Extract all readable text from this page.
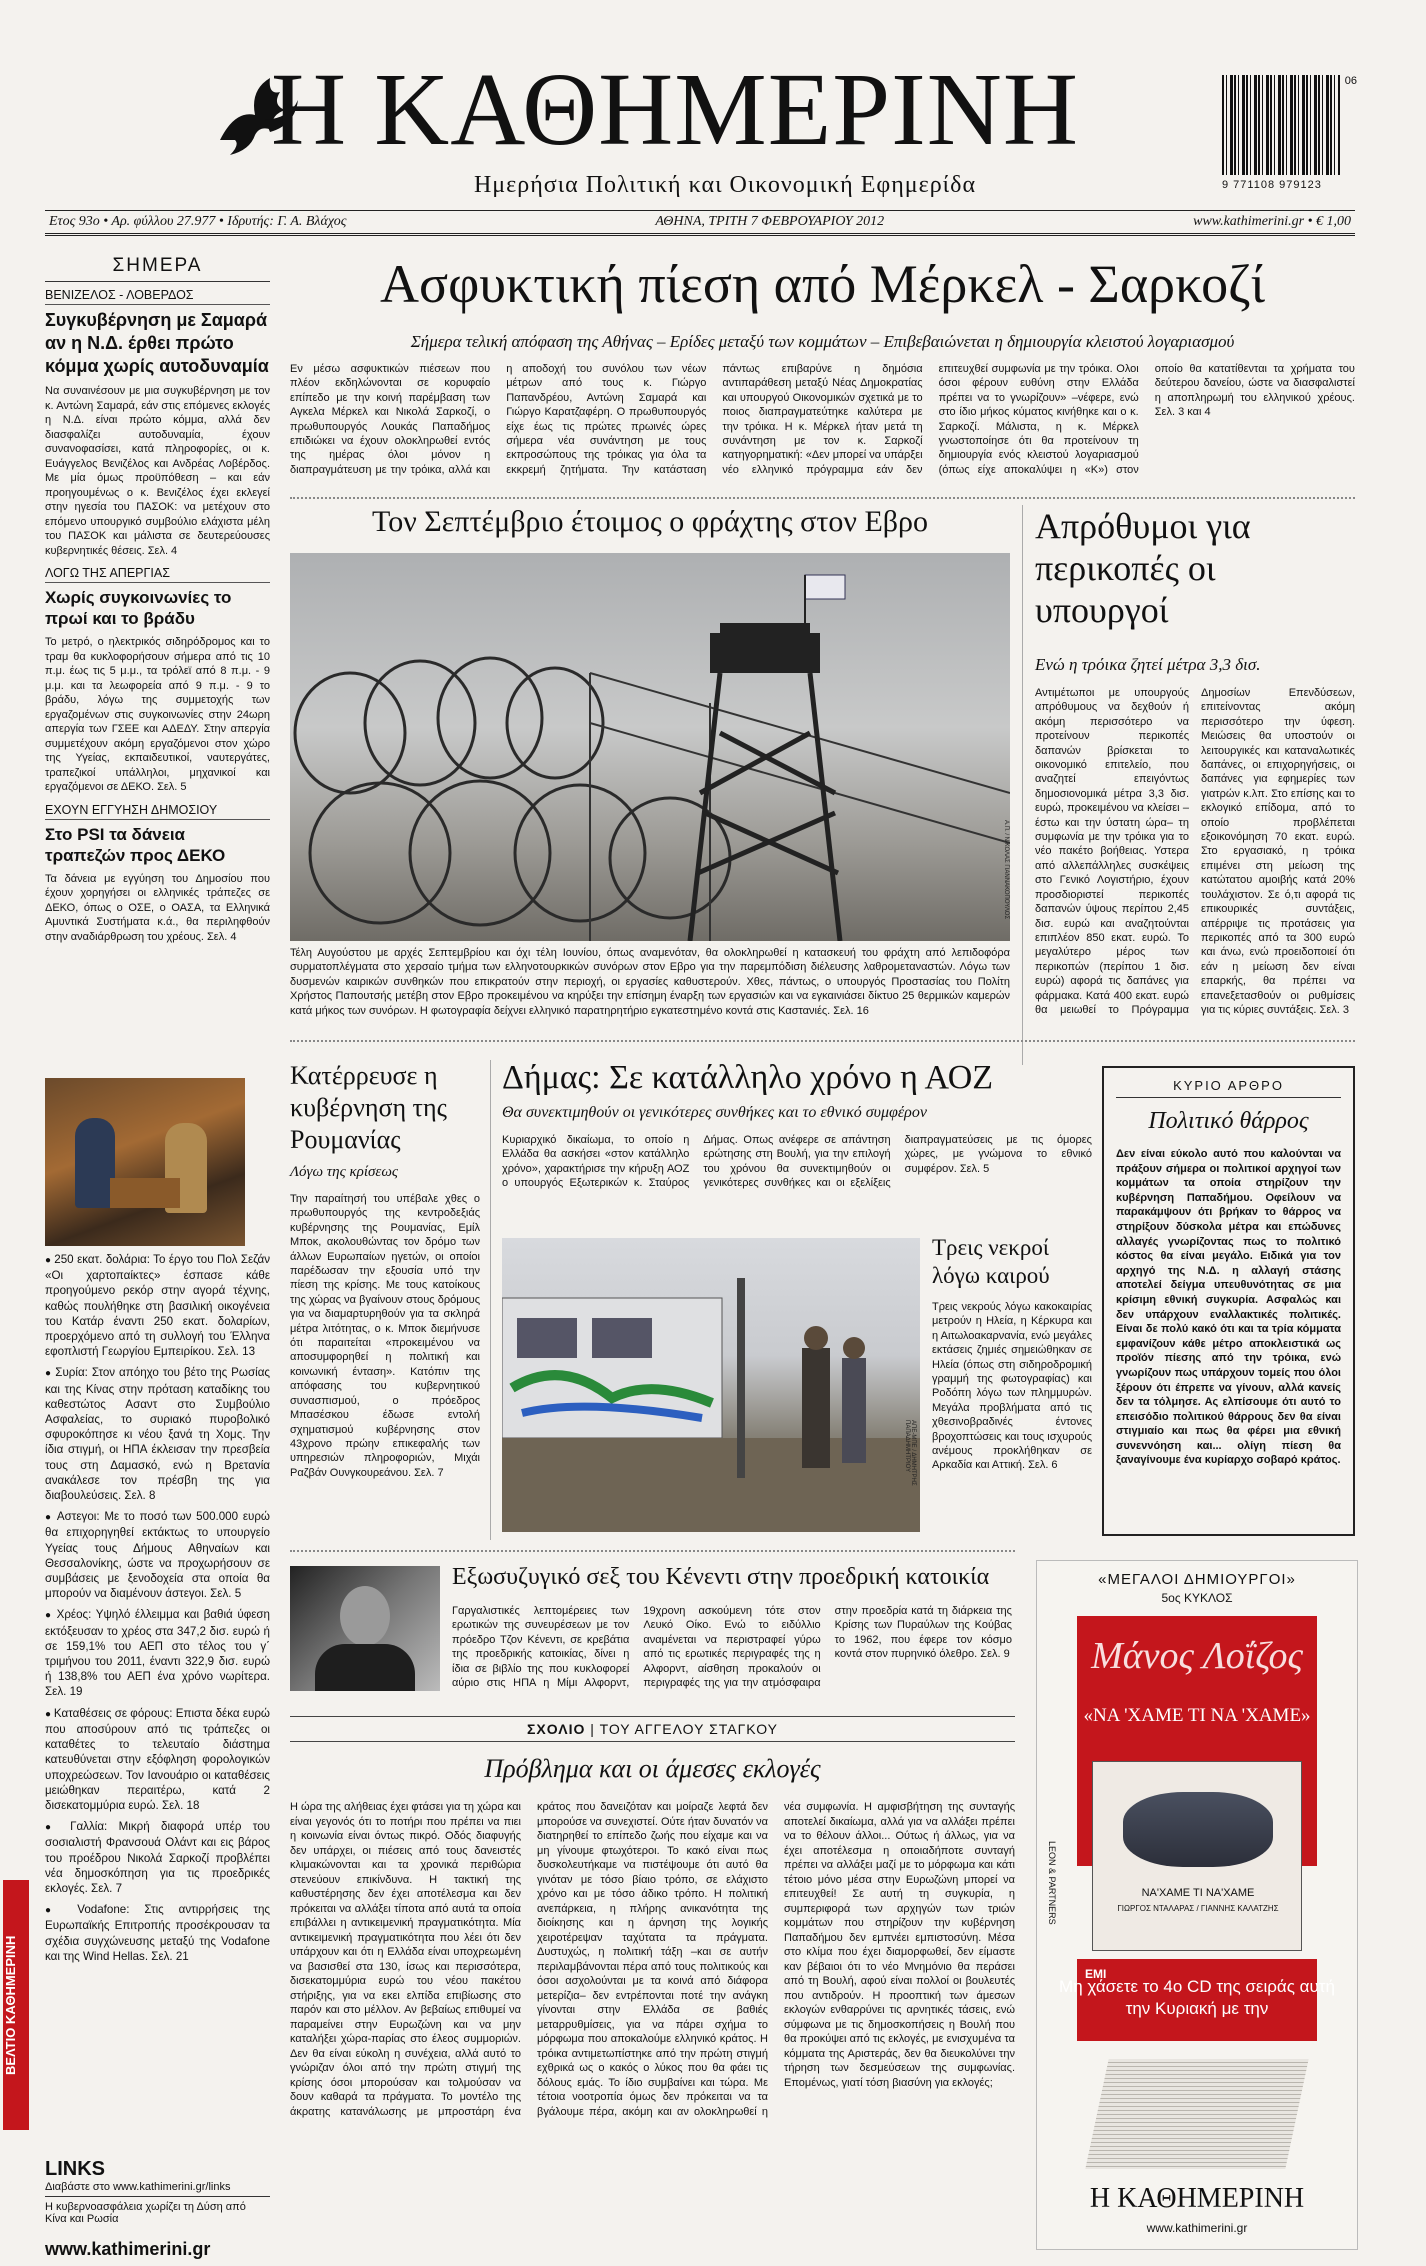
Η ΚΑΘΗΜΕΡΙΝΗ
Ημερήσια Πολιτική και Οικονομική Εφημερίδα
06
9 771108 979123
Ετος 93ο • Αρ. φύλλου 27.977 • Ιδρυτής: Γ. Α. Βλάχος	ΑΘΗΝΑ, ΤΡΙΤΗ 7 ΦΕΒΡΟΥΑΡΙΟΥ 2012	www.kathimerini.gr • € 1,00
ΣΗΜΕΡΑ
ΒΕΝΙΖΕΛΟΣ - ΛΟΒΕΡΔΟΣ
Συγκυβέρνηση με Σαμαρά αν η Ν.Δ. έρθει πρώτο κόμμα χωρίς αυτοδυναμία
Να συναινέσουν με μια συγκυβέρνηση με τον κ. Αντώνη Σαμαρά, εάν στις επόμενες εκλογές η Ν.Δ. είναι πρώτο κόμμα, αλλά δεν διασφαλίζει αυτοδυναμία, έχουν συνανοφασίσει, κατά πληροφορίες, οι κ. Ευάγγελος Βενιζέλος και Ανδρέας Λοβέρδος. Με μία όμως προϋπόθεση – και εάν προηγουμένως ο κ. Βενιζέλος έχει εκλεγεί στην ηγεσία του ΠΑΣΟΚ: να μετέχουν στο επόμενο υπουργικό συμβούλιο ελάχιστα μέλη του ΠΑΣΟΚ και μάλιστα σε δευτερεύουσες κυβερνητικές θέσεις. Σελ. 4
ΛΟΓΩ ΤΗΣ ΑΠΕΡΓΙΑΣ
Χωρίς συγκοινωνίες το πρωί και το βράδυ
Το μετρό, ο ηλεκτρικός σιδηρόδρομος και το τραμ θα κυκλοφορήσουν σήμερα από τις 10 π.μ. έως τις 5 μ.μ., τα τρόλεϊ από 8 π.μ. - 9 μ.μ. και τα λεωφορεία από 9 π.μ. - 9 το βράδυ, λόγω της συμμετοχής των εργαζομένων στις συγκοινωνίες στην 24ωρη απεργία των ΓΣΕΕ και ΑΔΕΔΥ. Στην απεργία συμμετέχουν ακόμη εργαζόμενοι στον χώρο της Υγείας, εκπαιδευτικοί, ναυτεργάτες, τραπεζικοί υπάλληλοι, μηχανικοί και εργαζόμενοι σε ΔΕΚΟ. Σελ. 5
ΕΧΟΥΝ ΕΓΓΥΗΣΗ ΔΗΜΟΣΙΟΥ
Στο PSI τα δάνεια τραπεζών προς ΔΕΚΟ
Τα δάνεια με εγγύηση του Δημοσίου που έχουν χορηγήσει οι ελληνικές τράπεζες σε ΔΕΚΟ, όπως ο ΟΣΕ, ο ΟΑΣΑ, τα Ελληνικά Αμυντικά Συστήματα κ.ά., θα περιληφθούν στην αναδιάρθρωση του χρέους. Σελ. 4
● 250 εκατ. δολάρια: Το έργο του Πολ Σεζάν «Οι χαρτοπαίκτες» έσπασε κάθε προηγούμενο ρεκόρ στην αγορά τέχνης, καθώς πουλήθηκε στη βασιλική οικογένεια του Κατάρ έναντι 250 εκατ. δολαρίων, προερχόμενο από τη συλλογή του Έλληνα εφοπλιστή Γεωργίου Εμπειρίκου. Σελ. 13
● Συρία: Στον απόηχο του βέτο της Ρωσίας και της Κίνας στην πρόταση καταδίκης του καθεστώτος Ασαντ στο Συμβούλιο Ασφαλείας, το συριακό πυροβολικό σφυροκόπησε κι νέου ξανά τη Χομς. Την ίδια στιγμή, οι ΗΠΑ έκλεισαν την πρεσβεία τους στη Δαμασκό, ενώ η Βρετανία ανακάλεσε τον πρέσβη της για διαβουλεύσεις. Σελ. 8
● Αστεγοι: Με το ποσό των 500.000 ευρώ θα επιχορηγηθεί εκτάκτως το υπουργείο Υγείας τους Δήμους Αθηναίων και Θεσσαλονίκης, ώστε να προχωρήσουν σε συμβάσεις με ξενοδοχεία στα οποία θα μπορούν να διαμένουν άστεγοι. Σελ. 5
● Χρέος: Υψηλό έλλειμμα και βαθιά ύφεση εκτόξευσαν το χρέος στα 347,2 δισ. ευρώ ή σε 159,1% του ΑΕΠ στο τέλος του γ΄ τριμήνου του 2011, έναντι 322,9 δισ. ευρώ ή 138,8% του ΑΕΠ ένα χρόνο νωρίτερα. Σελ. 19
● Καταθέσεις σε φόρους: Επιστα δέκα ευρώ που αποσύρουν από τις τράπεζες οι καταθέτες το τελευταίο διάστημα κατευθύνεται στην εξόφληση φορολογικών υποχρεώσεων. Τον Ιανουάριο οι καταθέσεις μειώθηκαν περαιτέρω, κατά 2 δισεκατομμύρια ευρώ. Σελ. 18
● Γαλλία: Μικρή διαφορά υπέρ του σοσιαλιστή Φρανσουά Ολάντ και εις βάρος του προέδρου Νικολά Σαρκοζί προβλέπει νέα δημοσκόπηση για τις προεδρικές εκλογές. Σελ. 7
● Vodafone: Στις αντιρρήσεις της Ευρωπαϊκής Επιτροπής προσέκρουσαν τα σχέδια συγχώνευσης μεταξύ της Vodafone και της Wind Hellas. Σελ. 21
LINKS
Διαβάστε στο www.kathimerini.gr/links
Η κυβερνοασφάλεια χωρίζει τη Δύση από Κίνα και Ρωσία
www.kathimerini.gr
ΒΕΛΤΙΟ ΚΑΘΗΜΕΡΙΝΗ
Ασφυκτική πίεση από Μέρκελ - Σαρκοζί
Σήμερα τελική απόφαση της Αθήνας – Ερίδες μεταξύ των κομμάτων – Επιβεβαιώνεται η δημιουργία κλειστού λογαριασμού
Εν μέσω ασφυκτικών πιέσεων που πλέον εκδηλώνονται σε κορυφαίο επίπεδο με την κοινή παρέμβαση των Αγκελα Μέρκελ και Νικολά Σαρκοζί, ο πρωθυπουργός Λουκάς Παπαδήμος επιδιώκει να έχουν ολοκληρωθεί εντός της ημέρας όλοι μόνον η διαπραγμάτευση με την τρόικα, αλλά και η αποδοχή του συνόλου των νέων μέτρων από τους κ. Γιώργο Παπανδρέου, Αντώνη Σαμαρά και Γιώργο Καρατζαφέρη. Ο πρωθυπουργός είχε έως τις πρώτες πρωινές ώρες σήμερα νέα συνάντηση με τους εκπροσώπους της τρόικας για όλα τα εκκρεμή ζητήματα. Την κατάσταση πάντως επιβαρύνε η δημόσια αντιπαράθεση μεταξύ Νέας Δημοκρατίας και υπουργού Οικονομικών σχετικά με το ποιος διαπραγματεύτηκε καλύτερα με την τρόικα. Η κ. Μέρκελ ήταν μετά τη συνάντηση με τον κ. Σαρκοζί κατηγορηματική: «Δεν μπορεί να υπάρξει νέο ελληνικό πρόγραμμα εάν δεν επιτευχθεί συμφωνία με την τρόικα. Ολοι όσοι φέρουν ευθύνη στην Ελλάδα πρέπει να το γνωρίζουν» –νέφερε, ενώ στο ίδιο μήκος κύματος κινήθηκε και ο κ. Σαρκοζί. Μάλιστα, η κ. Μέρκελ γνωστοποίησε ότι θα προτείνουν τη δημιουργία ενός κλειστού λογαριασμού (όπως είχε αποκαλύψει η «Κ») στον οποίο θα κατατίθενται τα χρήματα του δεύτερου δανείου, ώστε να διασφαλιστεί η αποπληρωμή του ελληνικού χρέους. Σελ. 3 και 4
Τον Σεπτέμβριο έτοιμος ο φράχτης στον Εβρο
Α.Π. / ΝΙΚΟΛΑΣ ΓΙΑΝΝΑΚΟΠΟΥΛΟΣ
Τέλη Αυγούστου με αρχές Σεπτεμβρίου και όχι τέλη Ιουνίου, όπως αναμενόταν, θα ολοκληρωθεί η κατασκευή του φράχτη από λεπιδοφόρα συρματοπλέγματα στο χερσαίο τμήμα των ελληνοτουρκικών συνόρων στον Εβρο για την παρεμπόδιση διέλευσης λαθρομεταναστών. Λόγω των δυσμενών καιρικών συνθηκών που επικρατούν στην περιοχή, οι εργασίες καθυστερούν. Χθες, πάντως, ο υπουργός Προστασίας του Πολίτη Χρήστος Παπουτσής μετέβη στον Εβρο προκειμένου να κηρύξει την επίσημη έναρξη των εργασιών και να εγκαινιάσει δίκτυο 25 θερμικών καμερών κατά μήκος των συνόρων. Η φωτογραφία δείχνει ελληνικό παρατηρητήριο εγκατεστημένο κοντά στις Καστανιές. Σελ. 16
Απρόθυμοι για περικοπές οι υπουργοί
Ενώ η τρόικα ζητεί μέτρα 3,3 δισ.
Αντιμέτωποι με υπουργούς απρόθυμους να δεχθούν ή ακόμη περισσότερο να προτείνουν περικοπές δαπανών βρίσκεται το οικονομικό επιτελείο, που αναζητεί επειγόντως δημοσιονομικά μέτρα 3,3 δισ. ευρώ, προκειμένου να κλείσει –έστω και την ύστατη ώρα– τη συμφωνία με την τρόικα για το νέο πακέτο βοήθειας. Υστερα από αλλεπάλληλες συσκέψεις στο Γενικό Λογιστήριο, έχουν προσδιοριστεί περικοπές δαπανών ύψους περίπου 2,45 δισ. ευρώ και αναζητούνται επιπλέον 850 εκατ. ευρώ. Το μεγαλύτερο μέρος των περικοπών (περίπου 1 δισ. ευρώ) αφορά τις δαπάνες για φάρμακα. Κατά 400 εκατ. ευρώ θα μειωθεί το Πρόγραμμα Δημοσίων Επενδύσεων, επιτείνοντας ακόμη περισσότερο την ύφεση. Μειώσεις θα υποστούν οι λειτουργικές και καταναλωτικές δαπάνες, οι επιχορηγήσεις, οι δαπάνες για εφημερίες των γιατρών κ.λπ. Στο επίσης και το εκλογικό επίδομα, από το οποίο προβλέπεται εξοικονόμηση 70 εκατ. ευρώ. Στο εργασιακό, η τρόικα επιμένει στη μείωση της κατώτατου αμοιβής κατά 20% τουλάχιστον. Σε ό,τι αφορά τις επικουρικές συντάξεις, απέρριψε τις προτάσεις για περικοπές από τα 300 ευρώ και άνω, ενώ προειδοποιεί ότι εάν η μείωση δεν είναι επαρκής, θα πρέπει να επανεξετασθούν οι ρυθμίσεις για τις κύριες συντάξεις. Σελ. 3
Κατέρρευσε η κυβέρνηση της Ρουμανίας
Λόγω της κρίσεως
Την παραίτησή του υπέβαλε χθες ο πρωθυπουργός της κεντροδεξιάς κυβέρνησης της Ρουμανίας, Εμίλ Μποκ, ακολουθώντας τον δρόμο των άλλων Ευρωπαίων ηγετών, οι οποίοι παρέδωσαν την εξουσία υπό την πίεση της κρίσης. Με τους κατοίκους της χώρας να βγαίνουν στους δρόμους για να διαμαρτυρηθούν για τα σκληρά μέτρα λιτότητας, ο κ. Μποκ διεμήνυσε ότι παραιτείται «προκειμένου να αποσυμφορηθεί η πολιτική και κοινωνική ένταση». Κατόπιν της απόφασης του κυβερνητικού συνασπισμού, ο πρόεδρος Μπασέσκου έδωσε εντολή σχηματισμού κυβέρνησης στον 43χρονο πρώην επικεφαλής των υπηρεσιών πληροφοριών, Μιχάι Ραζβάν Ουνγκουρεάνου. Σελ. 7
Δήμας: Σε κατάλληλο χρόνο η ΑΟΖ
Θα συνεκτιμηθούν οι γενικότερες συνθήκες και το εθνικό συμφέρον
Κυριαρχικό δικαίωμα, το οποίο η Ελλάδα θα ασκήσει «στον κατάλληλο χρόνο», χαρακτήρισε την κήρυξη ΑΟΖ ο υπουργός Εξωτερικών κ. Σταύρος Δήμας. Οπως ανέφερε σε απάντηση ερώτησης στη Βουλή, για την επιλογή του χρόνου θα συνεκτιμηθούν οι γενικότερες συνθήκες και οι εξελίξεις διαπραγματεύσεις με τις όμορες χώρες, με γνώμονα το εθνικό συμφέρον. Σελ. 5
ΑΠΕ-ΜΠΕ / ΔΗΜΗΤΡΗΣ ΠΑΠΑΔΗΜΗΤΡΙΟΥ
Τρεις νεκροί λόγω καιρού
Τρεις νεκρούς λόγω κακοκαιρίας μετρούν η Ηλεία, η Κέρκυρα και η Αιτωλοακαρνανία, ενώ μεγάλες εκτάσεις ζημιές σημειώθηκαν σε Ηλεία (όπως στη σιδηροδρομική γραμμή της φωτογραφίας) και Ροδόπη λόγω των πλημμυρών. Μεγάλα προβλήματα από τις χθεσινοβραδινές έντονες βροχοπτώσεις και τους ισχυρούς ανέμους προκλήθηκαν σε Αρκαδία και Αττική. Σελ. 6
ΚΥΡΙΟ ΑΡΘΡΟ
Πολιτικό θάρρος
Δεν είναι εύκολο αυτό που καλούνται να πράξουν σήμερα οι πολιτικοί αρχηγοί των κομμάτων τα οποία στηρίζουν την κυβέρνηση Παπαδήμου. Οφείλουν να παρακάμψουν ότι βρήκαν το θάρρος να στηρίξουν δύσκολα μέτρα και επώδυνες αλλαγές γνωρίζοντας πως το πολιτικό κόστος θα είναι μεγάλο. Ειδικά για τον αρχηγό της Ν.Δ. η αλλαγή στάσης αποτελεί δείγμα υπευθυνότητας σε μια κρίσιμη εθνική συγκυρία. Ασφαλώς και δεν υπάρχουν εναλλακτικές πολιτικές. Είναι δε πολύ κακό ότι και τα τρία κόμματα εμφανίζουν κάθε μέτρο αποκλειστικά ως προϊόν πίεσης από την τρόικα, ενώ γνωρίζουν πως υπάρχουν τομείς που όλοι ξέρουν ότι έπρεπε να γίνουν, αλλά κανείς δεν τα τόλμησε. Ας ελπίσουμε ότι αυτό το επεισόδιο πολιτικού θάρρους δεν θα είναι στιγμιαίο και πως θα φέρει μια εθνική συνεννόηση και... ολίγη πίεση θα ξαναγίνουμε ένα κυρίαρχο σοβαρό κράτος.
Εξωσυζυγικό σεξ του Κένεντι στην προεδρική κατοικία
Γαργαλιστικές λεπτομέρειες των ερωτικών της συνευρέσεων με τον πρόεδρο Τζον Κένεντι, σε κρεβάτια της προεδρικής κατοικίας, δίνει η ίδια σε βιβλίο της που κυκλοφορεί αύριο στις ΗΠΑ η Μίμι Αλφορντ, 19χρονη ασκούμενη τότε στον Λευκό Οίκο. Ενώ το ειδύλλιο αναμένεται να περιστραφεί γύρω από τις ερωτικές περιγραφές της η Αλφορντ, αίσθηση προκαλούν οι περιγραφές της για την ατμόσφαιρα στην προεδρία κατά τη διάρκεια της Κρίσης των Πυραύλων της Κούβας το 1962, που έφερε τον κόσμο κοντά στον πυρηνικό όλεθρο. Σελ. 9
ΣΧΟΛΙΟ | ΤΟΥ ΑΓΓΕΛΟΥ ΣΤΑΓΚΟΥ
Πρόβλημα και οι άμεσες εκλογές
Η ώρα της αλήθειας έχει φτάσει για τη χώρα και είναι γεγονός ότι το ποτήρι που πρέπει να πιει η κοινωνία είναι όντως πικρό. Οδός διαφυγής δεν υπάρχει, οι πιέσεις από τους δανειστές κλιμακώνονται και τα χρονικά περιθώρια στενεύουν επικίνδυνα. Η τακτική της καθυστέρησης δεν έχει αποτέλεσμα και δεν πρόκειται να αλλάξει τίποτα από αυτά τα οποία επιβάλλει η αντικειμενική πραγματικότητα. Μία αντικειμενική πραγματικότητα που λέει ότι δεν υπάρχουν και ότι η Ελλάδα είναι υποχρεωμένη να βασισθεί στα 130, ίσως και περισσότερα, δισεκατομμύρια ευρώ του νέου πακέτου στήριξης, για να εκει ελπίδα επιβίωσης στο παρόν και στο μέλλον. Αν βεβαίως επιθυμεί να παραμείνει στην Ευρωζώνη και να μην καταλήξει χώρα-παρίας στο έλεος συμμοριών. Δεν θα είναι εύκολη η συνέχεια, αλλά αυτό το γνώριζαν όλοι από την πρώτη στιγμή της κρίσης όσοι μπορούσαν και τολμούσαν να δουν καθαρά τα πράγματα. Το μοντέλο της άκρατης κατανάλωσης με μπροστάρη ένα κράτος που δανειζόταν και μοίραζε λεφτά δεν μπορούσε να συνεχιστεί. Ούτε ήταν δυνατόν να διατηρηθεί το επίπεδο ζωής που είχαμε και να μη γίνουμε φτωχότεροι. Το κακό είναι πως δυσκολευτήκαμε να πιστέψουμε ότι αυτό θα γινόταν με τόσο βίαιο τρόπο, σε ελάχιστο χρόνο και με τόσο άδικο τρόπο. Η πολιτική ανεπάρκεια, η πλήρης ανικανότητα της διοίκησης και η άρνηση της λογικής χειροτέρεψαν ταχύτατα τα πράγματα. Δυστυχώς, η πολιτική τάξη –και σε αυτήν περιλαμβάνονται πέρα από τους πολιτικούς και όσοι ασχολούνται με τα κοινά από διάφορα μετερίζια– δεν εντρέπονται ποτέ την ανάγκη γίνονται στην Ελλάδα σε βαθιές μεταρρυθμίσεις, για να πάρει σχήμα το μόρφωμα που αποκαλούμε ελληνικό κράτος. Η τρόικα αντιμετωπίστηκε από την πρώτη στιγμή εχθρικά ως ο κακός ο λύκος που θα φάει τις δόλους εμάς. Το ίδιο συμβαίνει και τώρα. Με τέτοια νοοτροπία όμως δεν πρόκειται να τα βγάλουμε πέρα, ακόμη και αν ολοκληρωθεί η νέα συμφωνία. Η αμφισβήτηση της συνταγής αποτελεί δικαίωμα, αλλά για να αλλάξει πρέπει να το θέλουν άλλοι... Ούτως ή άλλως, για να έχει αποτέλεσμα η οποιαδήποτε συνταγή πρέπει να αλλάξει μαζί με το μόρφωμα και κάτι τέτοιο μόνο μέσα στην Ευρωζώνη μπορεί να επιτευχθεί! Σε αυτή τη συγκυρία, η συμπεριφορά των αρχηγών των τριών κομμάτων που στηρίζουν την κυβέρνηση Παπαδήμου δεν εμπνέει εμπιστοσύνη. Μέσα στο κλίμα που έχει διαμορφωθεί, δεν είμαστε καν βέβαιοι ότι το νέο Μνημόνιο θα περάσει από τη Βουλή, αφού είναι πολλοί οι βουλευτές που αντιδρούν. Η προοπτική των άμεσων εκλογών ενθαρρύνει τις αρνητικές τάσεις, ενώ σύμφωνα με τις δημοσκοπήσεις η Βουλή που θα προκύψει από τις εκλογές, με ενισχυμένα τα κόμματα της Αριστεράς, δεν θα διευκολύνει την τήρηση των δεσμεύσεων της συμφωνίας. Επομένως, γιατί τόση βιασύνη για εκλογές;
«ΜΕΓΑΛΟΙ ΔΗΜΙΟΥΡΓΟΙ»
5ος ΚΥΚΛΟΣ
Μάνος Λοΐζος
«ΝΑ 'ΧΑΜΕ ΤΙ ΝΑ 'ΧΑΜΕ»
ΝΑ'ΧΑΜΕ ΤΙ ΝΑ'ΧΑΜΕ
ΓΙΩΡΓΟΣ ΝΤΑΛΑΡΑΣ / ΓΙΑΝΝΗΣ ΚΑΛΑΤΖΗΣ
LEON & PARTNERS
EMI
Μη χάσετε το 4ο CD της σειράς αυτή την Κυριακή με την
Η ΚΑΘΗΜΕΡΙΝΗ
www.kathimerini.gr
